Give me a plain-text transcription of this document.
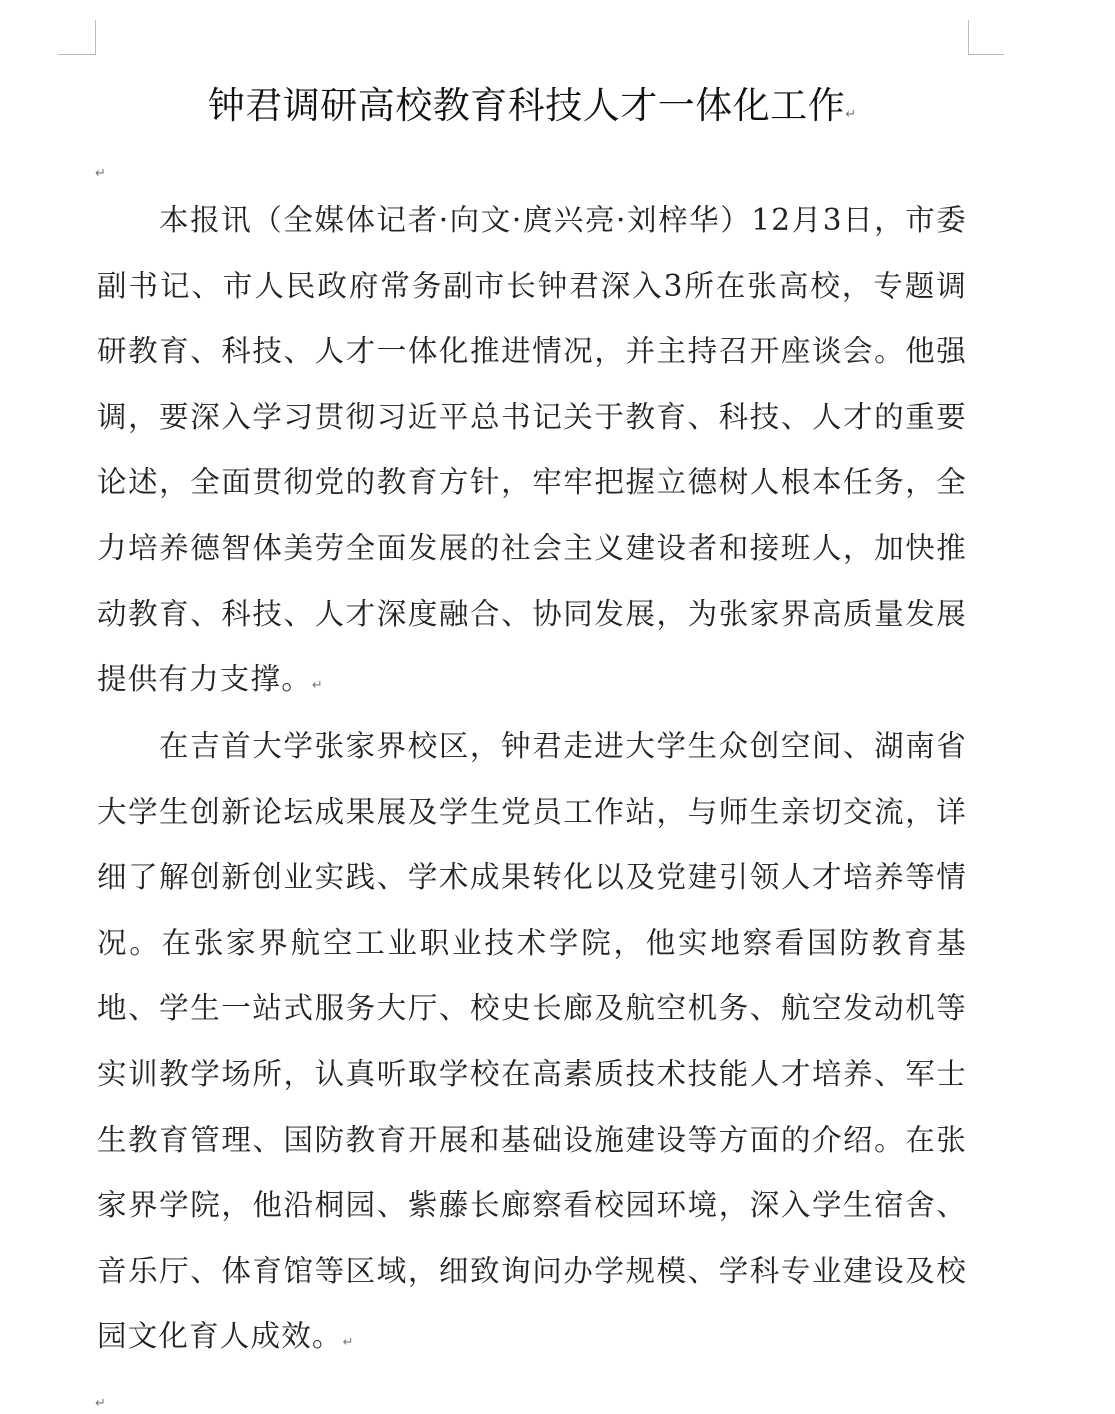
钟君调研高校教育科技人才一体化工作↵
↵

本报讯（全媒体记者·向文·庹兴亮·刘梓华）12月3日，市委副书记、市人民政府常务副市长钟君深入3所在张高校，专题调研教育、科技、人才一体化推进情况，并主持召开座谈会。他强调，要深入学习贯彻习近平总书记关于教育、科技、人才的重要论述，全面贯彻党的教育方针，牢牢把握立德树人根本任务，全力培养德智体美劳全面发展的社会主义建设者和接班人，加快推动教育、科技、人才深度融合、协同发展，为张家界高质量发展提供有力支撑。↵

在吉首大学张家界校区，钟君走进大学生众创空间、湖南省大学生创新论坛成果展及学生党员工作站，与师生亲切交流，详细了解创新创业实践、学术成果转化以及党建引领人才培养等情况。在张家界航空工业职业技术学院，他实地察看国防教育基地、学生一站式服务大厅、校史长廊及航空机务、航空发动机等实训教学场所，认真听取学校在高素质技术技能人才培养、军士生教育管理、国防教育开展和基础设施建设等方面的介绍。在张家界学院，他沿桐园、紫藤长廊察看校园环境，深入学生宿舍、音乐厅、体育馆等区域，细致询问办学规模、学科专业建设及校园文化育人成效。↵

↵
